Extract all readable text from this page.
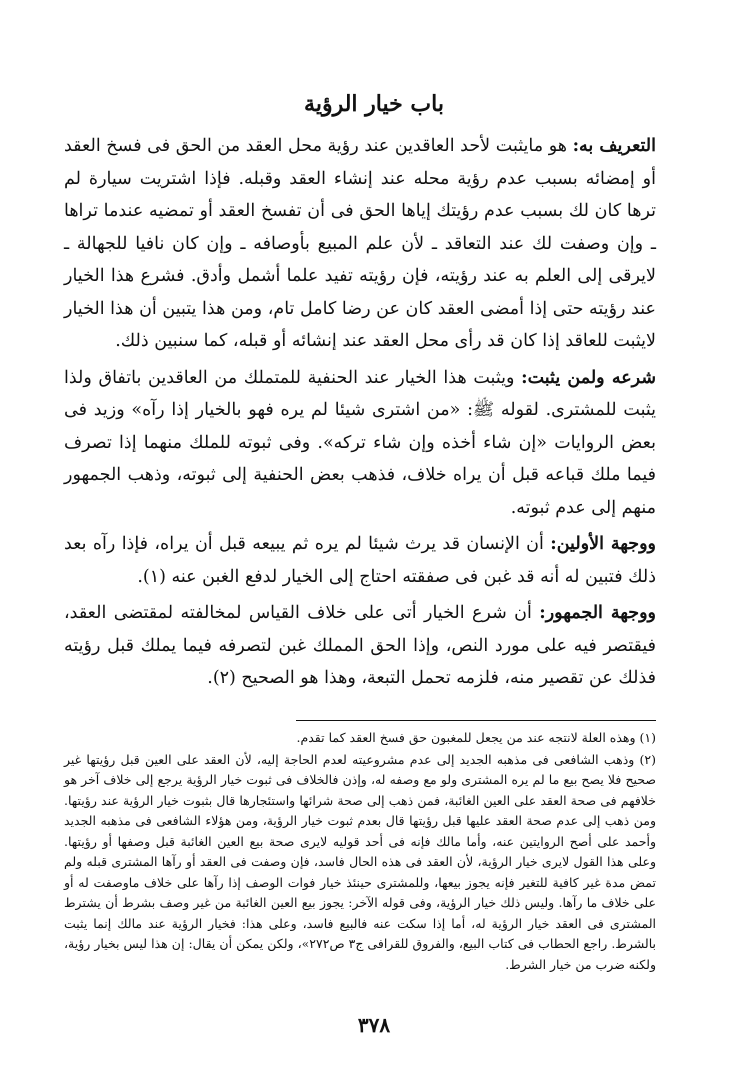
باب خيار الرؤية

التعريف به: هو مايثبت لأحد العاقدين عند رؤية محل العقد من الحق فى فسخ العقد أو إمضائه بسبب عدم رؤية محله عند إنشاء العقد وقبله. فإذا اشتريت سيارة لم ترها كان لك بسبب عدم رؤيتك إياها الحق فى أن تفسخ العقد أو تمضيه عندما تراها ـ وإن وصفت لك عند التعاقد ـ لأن علم المبيع بأوصافه ـ وإن كان نافيا للجهالة ـ لايرقى إلى العلم به عند رؤيته، فإن رؤيته تفيد علما أشمل وأدق. فشرع هذا الخيار عند رؤيته حتى إذا أمضى العقد كان عن رضا كامل تام، ومن هذا يتبين أن هذا الخيار لايثبت للعاقد إذا كان قد رأى محل العقد عند إنشائه أو قبله، كما سنبين ذلك.

شرعه ولمن يثبت: ويثبت هذا الخيار عند الحنفية للمتملك من العاقدين باتفاق ولذا يثبت للمشترى. لقوله ﷺ: «من اشترى شيئا لم يره فهو بالخيار إذا رآه» وزيد فى بعض الروايات «إن شاء أخذه وإن شاء تركه». وفى ثبوته للملك منهما إذا تصرف فيما ملك قباعه قبل أن يراه خلاف، فذهب بعض الحنفية إلى ثبوته، وذهب الجمهور منهم إلى عدم ثبوته.

ووجهة الأولين: أن الإنسان قد يرث شيئا لم يره ثم يبيعه قبل أن يراه، فإذا رآه بعد ذلك فتبين له أنه قد غبن فى صفقته احتاج إلى الخيار لدفع الغبن عنه (١).

ووجهة الجمهور: أن شرع الخيار أتى على خلاف القياس لمخالفته لمقتضى العقد، فيقتصر فيه على مورد النص، وإذا الحق المملك غبن لتصرفه فيما يملك قبل رؤيته فذلك عن تقصير منه، فلزمه تحمل التبعة، وهذا هو الصحيح (٢).

(١) وهذه العلة لانتجه عند من يجعل للمغبون حق فسخ العقد كما تقدم.

(٢) وذهب الشافعى فى مذهبه الجديد إلى عدم مشروعيته لعدم الحاجة إليه، لأن العقد على العين قبل رؤيتها غير صحيح فلا يصح بيع ما لم يره المشترى ولو مع وصفه له، وإذن فالخلاف فى ثبوت خيار الرؤية يرجع إلى خلاف آخر هو خلافهم فى صحة العقد على العين الغائبة، فمن ذهب إلى صحة شرائها واستئجارها قال بثبوت خيار الرؤية عند رؤيتها. ومن ذهب إلى عدم صحة العقد عليها قبل رؤيتها قال بعدم ثبوت خيار الرؤية، ومن هؤلاء الشافعى فى مذهبه الجديد وأحمد على أصح الروايتين عنه، وأما مالك فإنه فى أحد قوليه لايرى صحة بيع العين الغائبة قبل وصفها أو رؤيتها. وعلى هذا القول لايرى خيار الرؤية، لأن العقد فى هذه الحال فاسد، فإن وصفت فى العقد أو رآها المشترى قبله ولم تمض مدة غير كافية للتغير فإنه يجوز بيعها، وللمشترى حينئذ خيار فوات الوصف إذا رآها على خلاف ماوصفت له أو على خلاف ما رآها. وليس ذلك خيار الرؤية، وفى قوله الآخر: يجوز بيع العين الغائبة من غير وصف بشرط أن يشترط المشترى فى العقد خيار الرؤية له، أما إذا سكت عنه فالبيع فاسد، وعلى هذا: فخيار الرؤية عند مالك إنما يثبت بالشرط. راجع الحطاب فى كتاب البيع، والفروق للقرافى ج٣ ص٢٧٢»، ولكن يمكن أن يقال: إن هذا ليس بخيار رؤية، ولكنه ضرب من خيار الشرط.

٣٧٨
